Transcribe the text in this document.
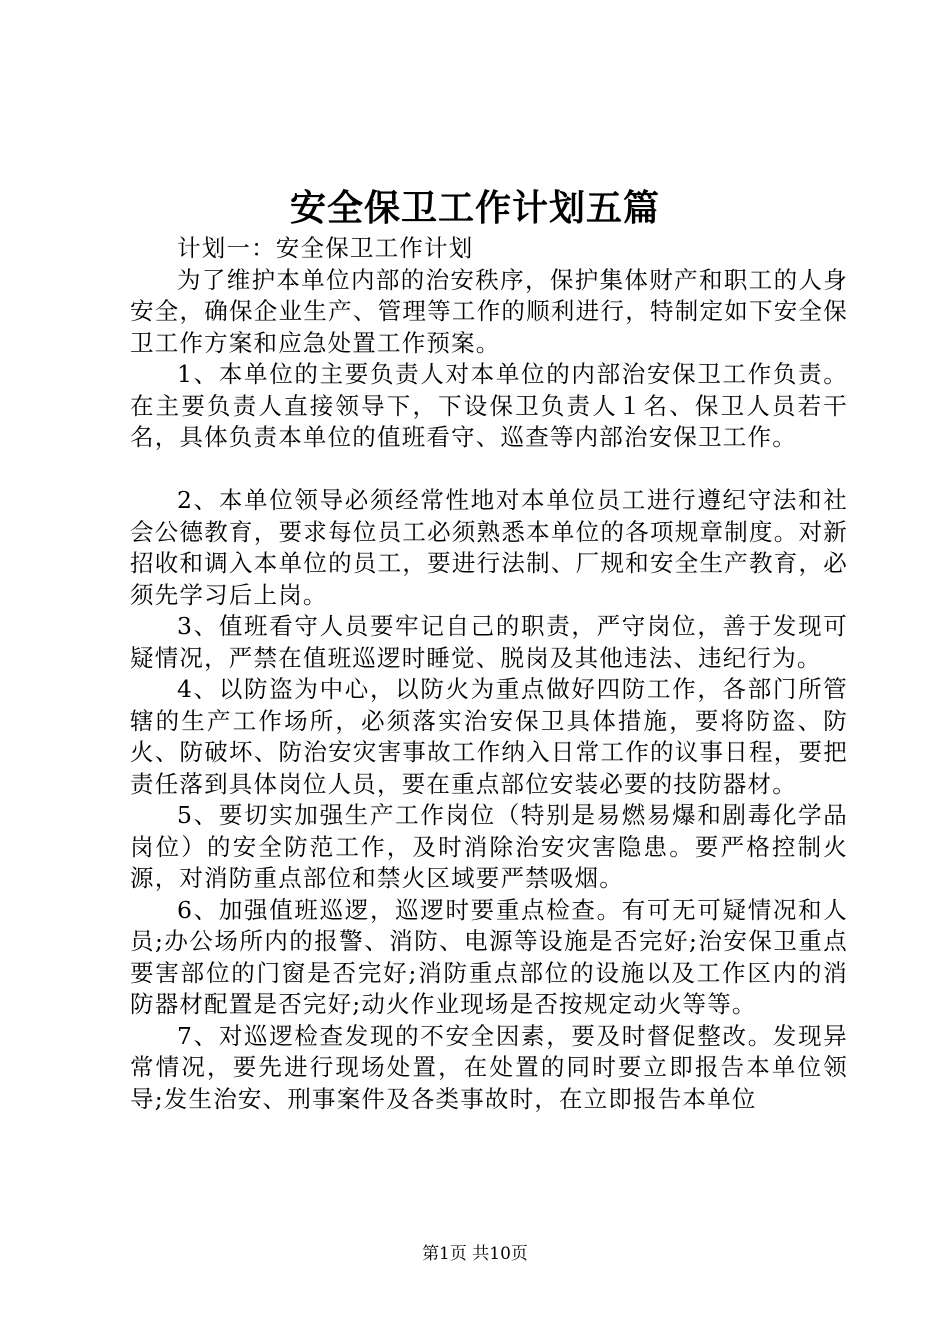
安全保卫工作计划五篇

计划一：安全保卫工作计划

为了维护本单位内部的治安秩序，保护集体财产和职工的人身安全，确保企业生产、管理等工作的顺利进行，特制定如下安全保卫工作方案和应急处置工作预案。

1、本单位的主要负责人对本单位的内部治安保卫工作负责。在主要负责人直接领导下，下设保卫负责人１名、保卫人员若干名，具体负责本单位的值班看守、巡查等内部治安保卫工作。

2、本单位领导必须经常性地对本单位员工进行遵纪守法和社会公德教育，要求每位员工必须熟悉本单位的各项规章制度。对新招收和调入本单位的员工，要进行法制、厂规和安全生产教育，必须先学习后上岗。

3、值班看守人员要牢记自己的职责，严守岗位，善于发现可疑情况，严禁在值班巡逻时睡觉、脱岗及其他违法、违纪行为。

4、以防盗为中心，以防火为重点做好四防工作，各部门所管辖的生产工作场所，必须落实治安保卫具体措施，要将防盗、防火、防破坏、防治安灾害事故工作纳入日常工作的议事日程，要把责任落到具体岗位人员，要在重点部位安装必要的技防器材。

5、要切实加强生产工作岗位（特别是易燃易爆和剧毒化学品岗位）的安全防范工作，及时消除治安灾害隐患。要严格控制火源，对消防重点部位和禁火区域要严禁吸烟。

6、加强值班巡逻，巡逻时要重点检查。有可无可疑情况和人员;办公场所内的报警、消防、电源等设施是否完好;治安保卫重点要害部位的门窗是否完好;消防重点部位的设施以及工作区内的消防器材配置是否完好;动火作业现场是否按规定动火等等。

7、对巡逻检查发现的不安全因素，要及时督促整改。发现异常情况，要先进行现场处置，在处置的同时要立即报告本单位领导;发生治安、刑事案件及各类事故时，在立即报告本单位

第1页 共10页
